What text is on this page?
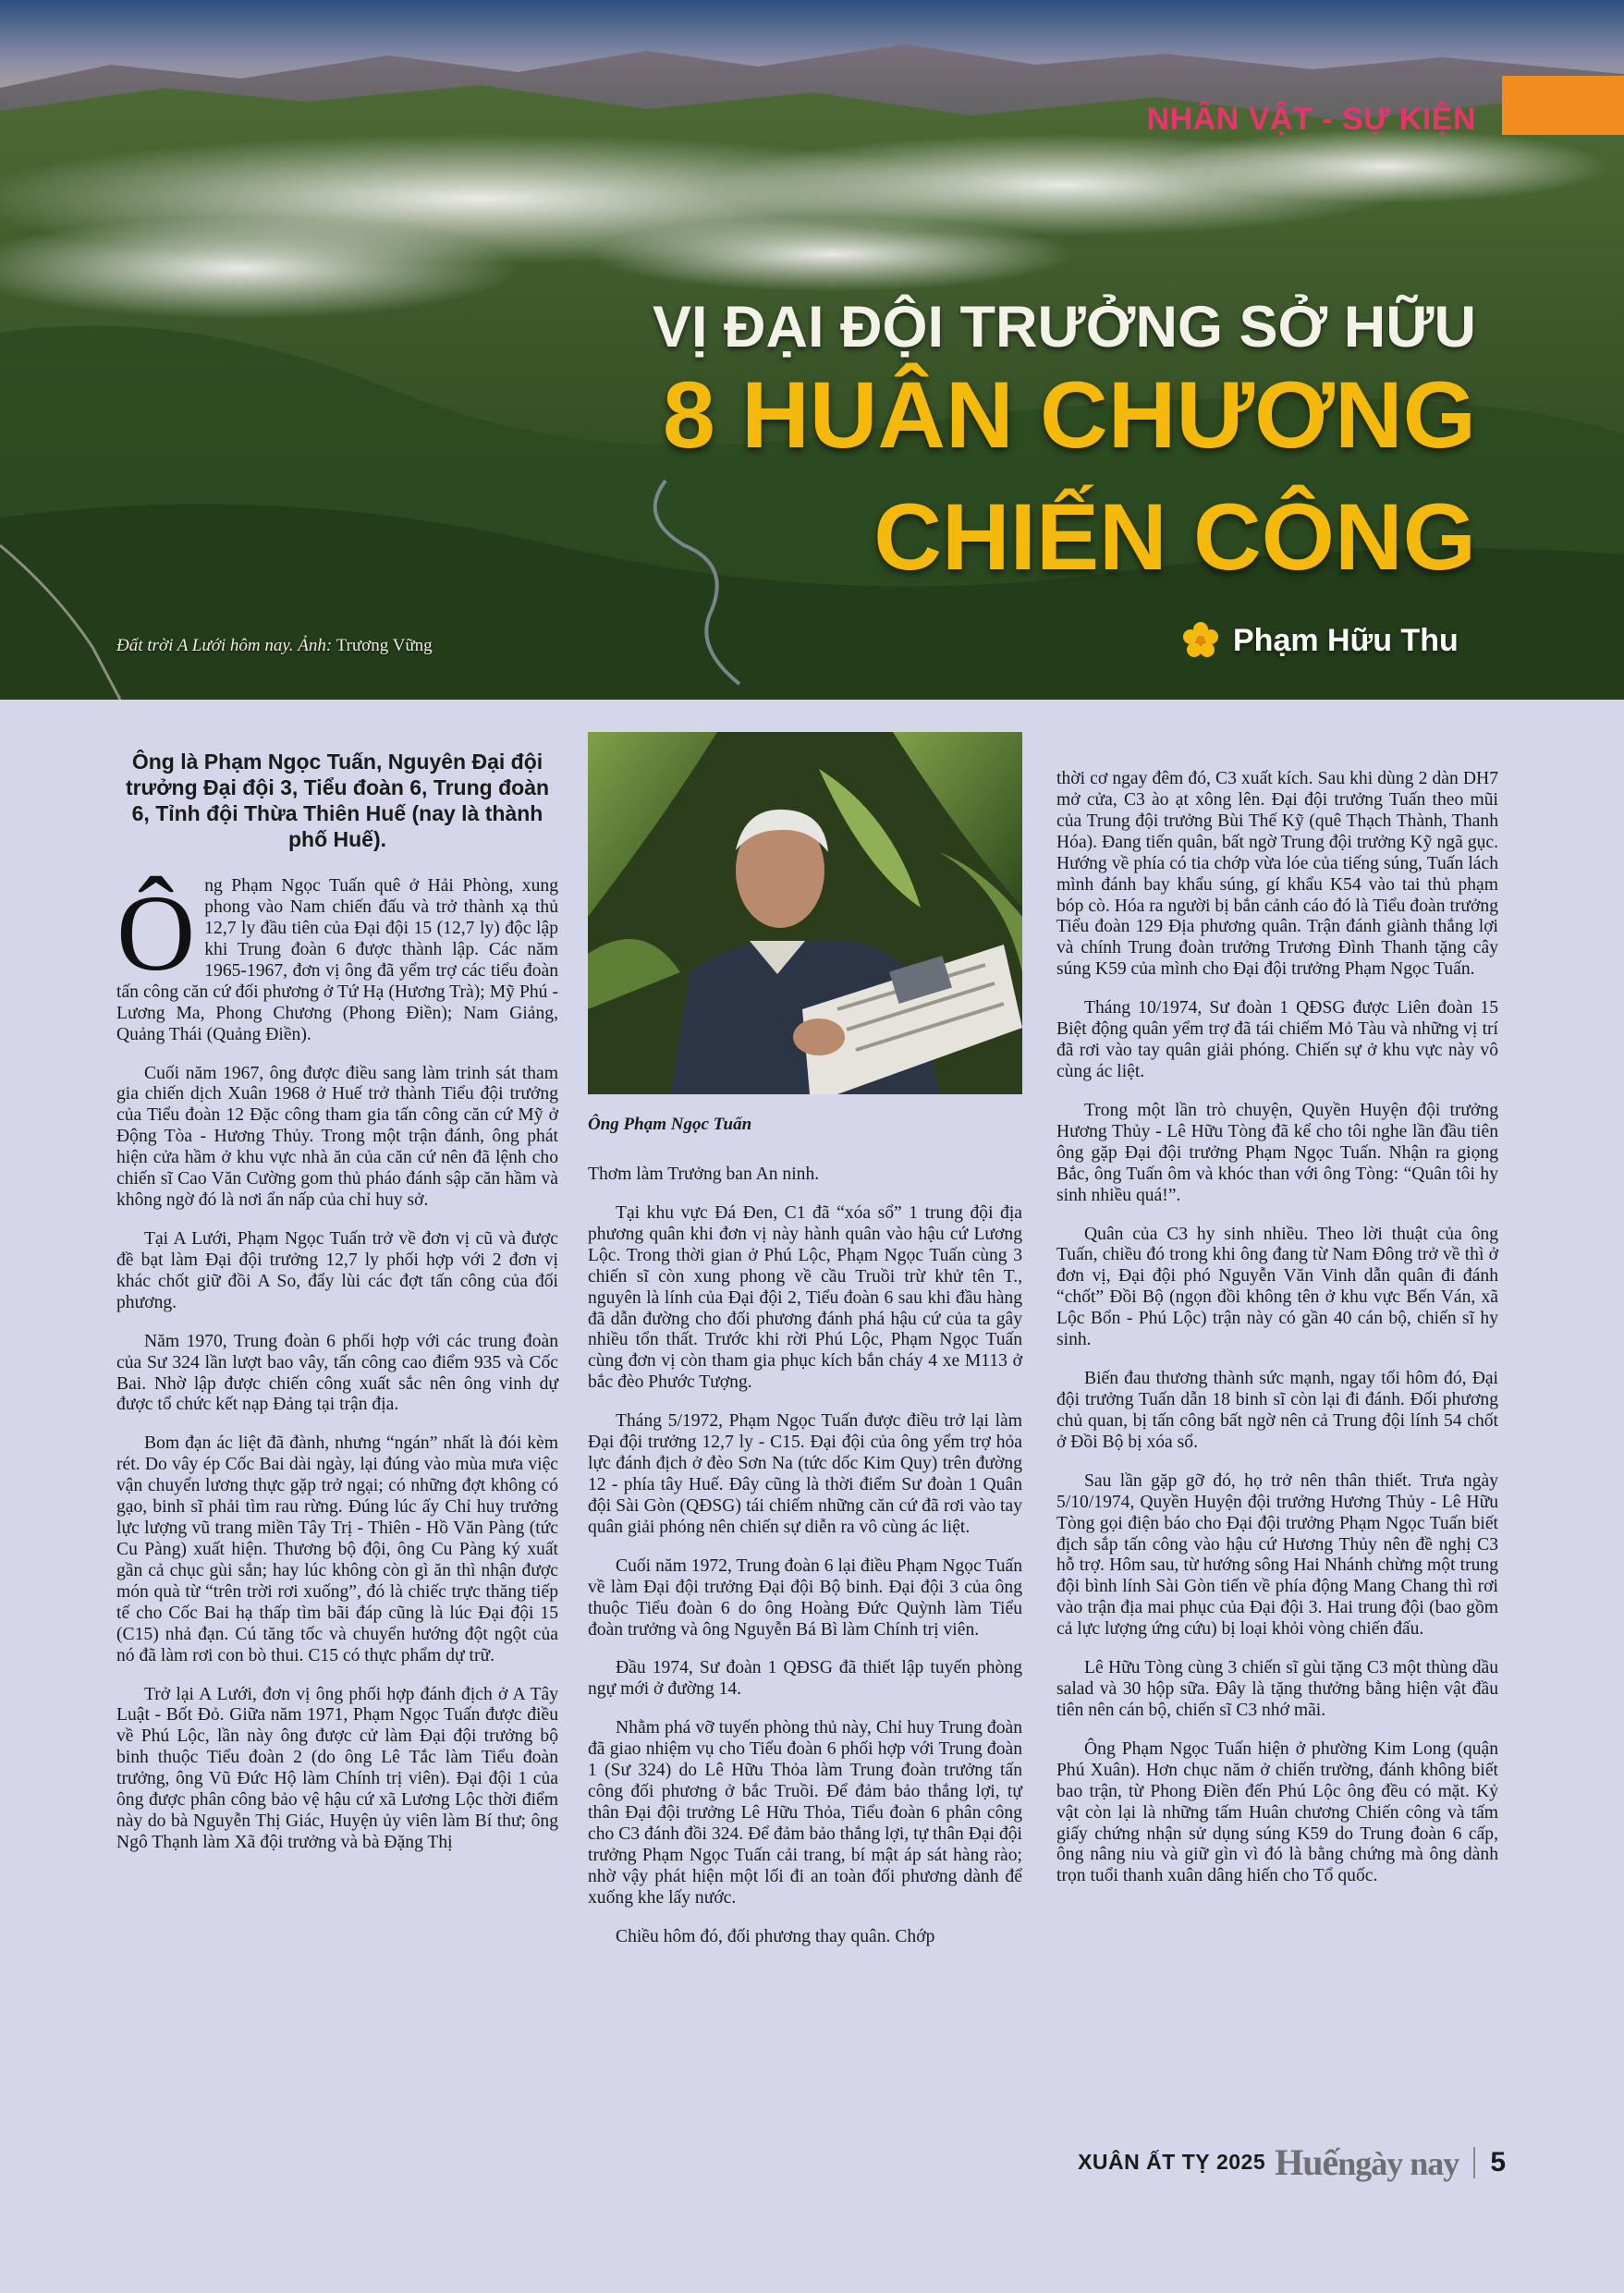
NHÂN VẬT - SỰ KIỆN
VỊ ĐẠI ĐỘI TRƯỞNG SỞ HỮU
8 HUÂN CHƯƠNG
CHIẾN CÔNG
Đất trời A Lưới hôm nay. Ảnh: Trương Vững	Phạm Hữu Thu
Ông là Phạm Ngọc Tuấn, Nguyên Đại đội trưởng Đại đội 3, Tiểu đoàn 6, Trung đoàn 6, Tỉnh đội Thừa Thiên Huế (nay là thành phố Huế).

Ông Phạm Ngọc Tuấn quê ở Hải Phòng, xung phong vào Nam chiến đấu và trở thành xạ thủ 12,7 ly đầu tiên của Đại đội 15 (12,7 ly) độc lập khi Trung đoàn 6 được thành lập. Các năm 1965-1967, đơn vị ông đã yểm trợ các tiểu đoàn tấn công căn cứ đối phương ở Tứ Hạ (Hương Trà); Mỹ Phú - Lương Ma, Phong Chương (Phong Điền); Nam Giảng, Quảng Thái (Quảng Điền).

Cuối năm 1967, ông được điều sang làm trinh sát tham gia chiến dịch Xuân 1968 ở Huế trở thành Tiểu đội trưởng của Tiểu đoàn 12 Đặc công tham gia tấn công căn cứ Mỹ ở Động Tòa - Hương Thủy. Trong một trận đánh, ông phát hiện cửa hầm ở khu vực nhà ăn của căn cứ nên đã lệnh cho chiến sĩ Cao Văn Cường gom thủ pháo đánh sập căn hầm và không ngờ đó là nơi ẩn nấp của chỉ huy sở.

Tại A Lưới, Phạm Ngọc Tuấn trở về đơn vị cũ và được đề bạt làm Đại đội trưởng 12,7 ly phối hợp với 2 đơn vị khác chốt giữ đồi A So, đẩy lùi các đợt tấn công của đối phương.

Năm 1970, Trung đoàn 6 phối hợp với các trung đoàn của Sư 324 lần lượt bao vây, tấn công cao điểm 935 và Cốc Bai. Nhờ lập được chiến công xuất sắc nên ông vinh dự được tổ chức kết nạp Đảng tại trận địa.

Bom đạn ác liệt đã đành, nhưng “ngán” nhất là đói kèm rét. Do vây ép Cốc Bai dài ngày, lại đúng vào mùa mưa việc vận chuyển lương thực gặp trở ngại; có những đợt không có gạo, binh sĩ phải tìm rau rừng. Đúng lúc ấy Chỉ huy trưởng lực lượng vũ trang miền Tây Trị - Thiên - Hồ Văn Pàng (tức Cu Pàng) xuất hiện. Thương bộ đội, ông Cu Pàng ký xuất gần cả chục gùi sắn; hay lúc không còn gì ăn thì nhận được món quà từ “trên trời rơi xuống”, đó là chiếc trực thăng tiếp tế cho Cốc Bai hạ thấp tìm bãi đáp cũng là lúc Đại đội 15 (C15) nhả đạn. Cú tăng tốc và chuyển hướng đột ngột của nó đã làm rơi con bò thui. C15 có thực phẩm dự trữ.

Trở lại A Lưới, đơn vị ông phối hợp đánh địch ở A Tây Luật - Bốt Đỏ. Giữa năm 1971, Phạm Ngọc Tuấn được điều về Phú Lộc, lần này ông được cử làm Đại đội trưởng bộ binh thuộc Tiểu đoàn 2 (do ông Lê Tắc làm Tiểu đoàn trưởng, ông Vũ Đức Hộ làm Chính trị viên). Đại đội 1 của ông được phân công bảo vệ hậu cứ xã Lương Lộc thời điểm này do bà Nguyễn Thị Giác, Huyện ủy viên làm Bí thư; ông Ngô Thạnh làm Xã đội trưởng và bà Đặng Thị

Ông Phạm Ngọc Tuấn

Thơm làm Trưởng ban An ninh.

Tại khu vực Đá Đen, C1 đã “xóa sổ” 1 trung đội địa phương quân khi đơn vị này hành quân vào hậu cứ Lương Lộc. Trong thời gian ở Phú Lộc, Phạm Ngọc Tuấn cùng 3 chiến sĩ còn xung phong về cầu Truồi trừ khử tên T., nguyên là lính của Đại đội 2, Tiểu đoàn 6 sau khi đầu hàng đã dẫn đường cho đối phương đánh phá hậu cứ của ta gây nhiều tổn thất. Trước khi rời Phú Lộc, Phạm Ngọc Tuấn cùng đơn vị còn tham gia phục kích bắn cháy 4 xe M113 ở bắc đèo Phước Tượng.

Tháng 5/1972, Phạm Ngọc Tuấn được điều trở lại làm Đại đội trưởng 12,7 ly - C15. Đại đội của ông yểm trợ hỏa lực đánh địch ở đèo Sơn Na (tức dốc Kim Quy) trên đường 12 - phía tây Huế. Đây cũng là thời điểm Sư đoàn 1 Quân đội Sài Gòn (QĐSG) tái chiếm những căn cứ đã rơi vào tay quân giải phóng nên chiến sự diễn ra vô cùng ác liệt.

Cuối năm 1972, Trung đoàn 6 lại điều Phạm Ngọc Tuấn về làm Đại đội trưởng Đại đội Bộ binh. Đại đội 3 của ông thuộc Tiểu đoàn 6 do ông Hoàng Đức Quỳnh làm Tiểu đoàn trưởng và ông Nguyễn Bá Bì làm Chính trị viên.

Đầu 1974, Sư đoàn 1 QĐSG đã thiết lập tuyến phòng ngự mới ở đường 14.

Nhằm phá vỡ tuyến phòng thủ này, Chỉ huy Trung đoàn đã giao nhiệm vụ cho Tiểu đoàn 6 phối hợp với Trung đoàn 1 (Sư 324) do Lê Hữu Thỏa làm Trung đoàn trưởng tấn công đối phương ở bắc Truồi. Để đảm bảo thắng lợi, tự thân Đại đội trưởng Lê Hữu Thỏa, Tiểu đoàn 6 phân công cho C3 đánh đồi 324. Để đảm bảo thắng lợi, tự thân Đại đội trưởng Phạm Ngọc Tuấn cải trang, bí mật áp sát hàng rào; nhờ vậy phát hiện một lối đi an toàn đối phương dành để xuống khe lấy nước.

Chiều hôm đó, đối phương thay quân. Chớp

thời cơ ngay đêm đó, C3 xuất kích. Sau khi dùng 2 dàn DH7 mở cửa, C3 ào ạt xông lên. Đại đội trưởng Tuấn theo mũi của Trung đội trưởng Bùi Thế Kỹ (quê Thạch Thành, Thanh Hóa). Đang tiến quân, bất ngờ Trung đội trưởng Kỹ ngã gục. Hướng về phía có tia chớp vừa lóe của tiếng súng, Tuấn lách mình đánh bay khẩu súng, gí khẩu K54 vào tai thủ phạm bóp cò. Hóa ra người bị bắn cảnh cáo đó là Tiểu đoàn trưởng Tiểu đoàn 129 Địa phương quân. Trận đánh giành thắng lợi và chính Trung đoàn trưởng Trương Đình Thanh tặng cây súng K59 của mình cho Đại đội trưởng Phạm Ngọc Tuấn.

Tháng 10/1974, Sư đoàn 1 QĐSG được Liên đoàn 15 Biệt động quân yểm trợ đã tái chiếm Mỏ Tàu và những vị trí đã rơi vào tay quân giải phóng. Chiến sự ở khu vực này vô cùng ác liệt.

Trong một lần trò chuyện, Quyền Huyện đội trưởng Hương Thủy - Lê Hữu Tòng đã kể cho tôi nghe lần đầu tiên ông gặp Đại đội trưởng Phạm Ngọc Tuấn. Nhận ra giọng Bắc, ông Tuấn ôm và khóc than với ông Tòng: “Quân tôi hy sinh nhiều quá!”.

Quân của C3 hy sinh nhiều. Theo lời thuật của ông Tuấn, chiều đó trong khi ông đang từ Nam Đông trở về thì ở đơn vị, Đại đội phó Nguyễn Văn Vinh dẫn quân đi đánh “chốt” Đồi Bộ (ngọn đồi không tên ở khu vực Bến Ván, xã Lộc Bổn - Phú Lộc) trận này có gần 40 cán bộ, chiến sĩ hy sinh.

Biến đau thương thành sức mạnh, ngay tối hôm đó, Đại đội trưởng Tuấn dẫn 18 binh sĩ còn lại đi đánh. Đối phương chủ quan, bị tấn công bất ngờ nên cả Trung đội lính 54 chốt ở Đồi Bộ bị xóa sổ.

Sau lần gặp gỡ đó, họ trở nên thân thiết. Trưa ngày 5/10/1974, Quyền Huyện đội trưởng Hương Thủy - Lê Hữu Tòng gọi điện báo cho Đại đội trưởng Phạm Ngọc Tuấn biết địch sắp tấn công vào hậu cứ Hương Thủy nên đề nghị C3 hỗ trợ. Hôm sau, từ hướng sông Hai Nhánh chừng một trung đội bình lính Sài Gòn tiến về phía động Mang Chang thì rơi vào trận địa mai phục của Đại đội 3. Hai trung đội (bao gồm cả lực lượng ứng cứu) bị loại khỏi vòng chiến đấu.

Lê Hữu Tòng cùng 3 chiến sĩ gùi tặng C3 một thùng dầu salad và 30 hộp sữa. Đây là tặng thưởng bằng hiện vật đầu tiên nên cán bộ, chiến sĩ C3 nhớ mãi.

Ông Phạm Ngọc Tuấn hiện ở phường Kim Long (quận Phú Xuân). Hơn chục năm ở chiến trường, đánh không biết bao trận, từ Phong Điền đến Phú Lộc ông đều có mặt. Kỷ vật còn lại là những tấm Huân chương Chiến công và tấm giấy chứng nhận sử dụng súng K59 do Trung đoàn 6 cấp, ông nâng niu và giữ gìn vì đó là bằng chứng mà ông dành trọn tuổi thanh xuân dâng hiến cho Tổ quốc.

XUÂN ẤT TỴ 2025 Huếngày nay 5
